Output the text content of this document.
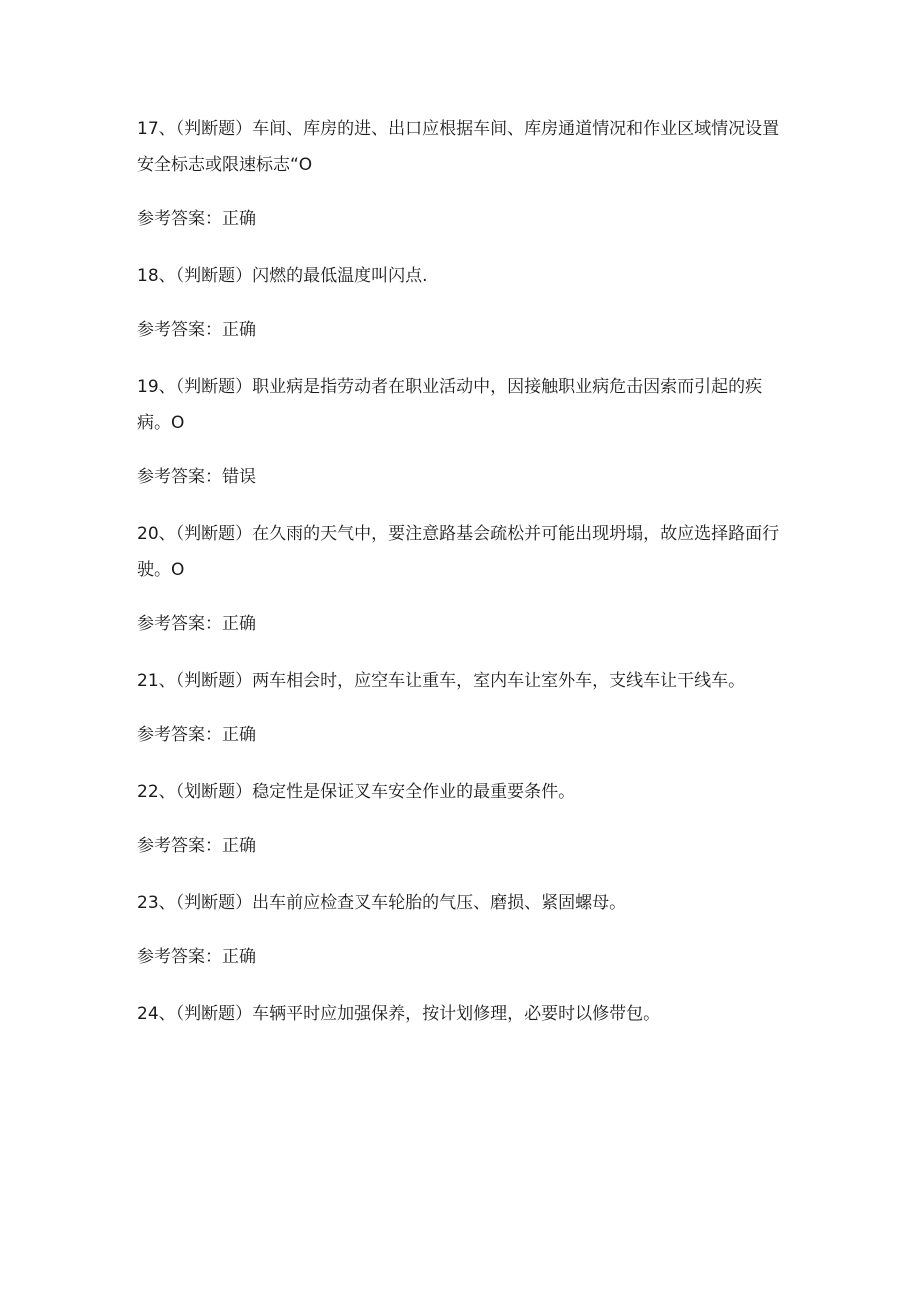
17、（判断题）车间、库房的进、出口应根据车间、库房通道情况和作业区域情况设置安全标志或限速标志“O

参考答案：正确

18、（判断题）闪燃的最低温度叫闪点.

参考答案：正确

19、（判断题）职业病是指劳动者在职业活动中，因接触职业病危击因索而引起的疾病。O

参考答案：错误

20、（判断题）在久雨的天气中，要注意路基会疏松并可能出现坍塌，故应选择路面行驶。O

参考答案：正确

21、（判断题）两车相会时，应空车让重车，室内车让室外车，支线车让干线车。

参考答案：正确

22、（划断题）稳定性是保证叉车安全作业的最重要条件。

参考答案：正确

23、（判断题）出车前应检查叉车轮胎的气压、磨损、紧固螺母。

参考答案：正确

24、（判断题）车辆平时应加强保养，按计划修理，必要时以修带包。
